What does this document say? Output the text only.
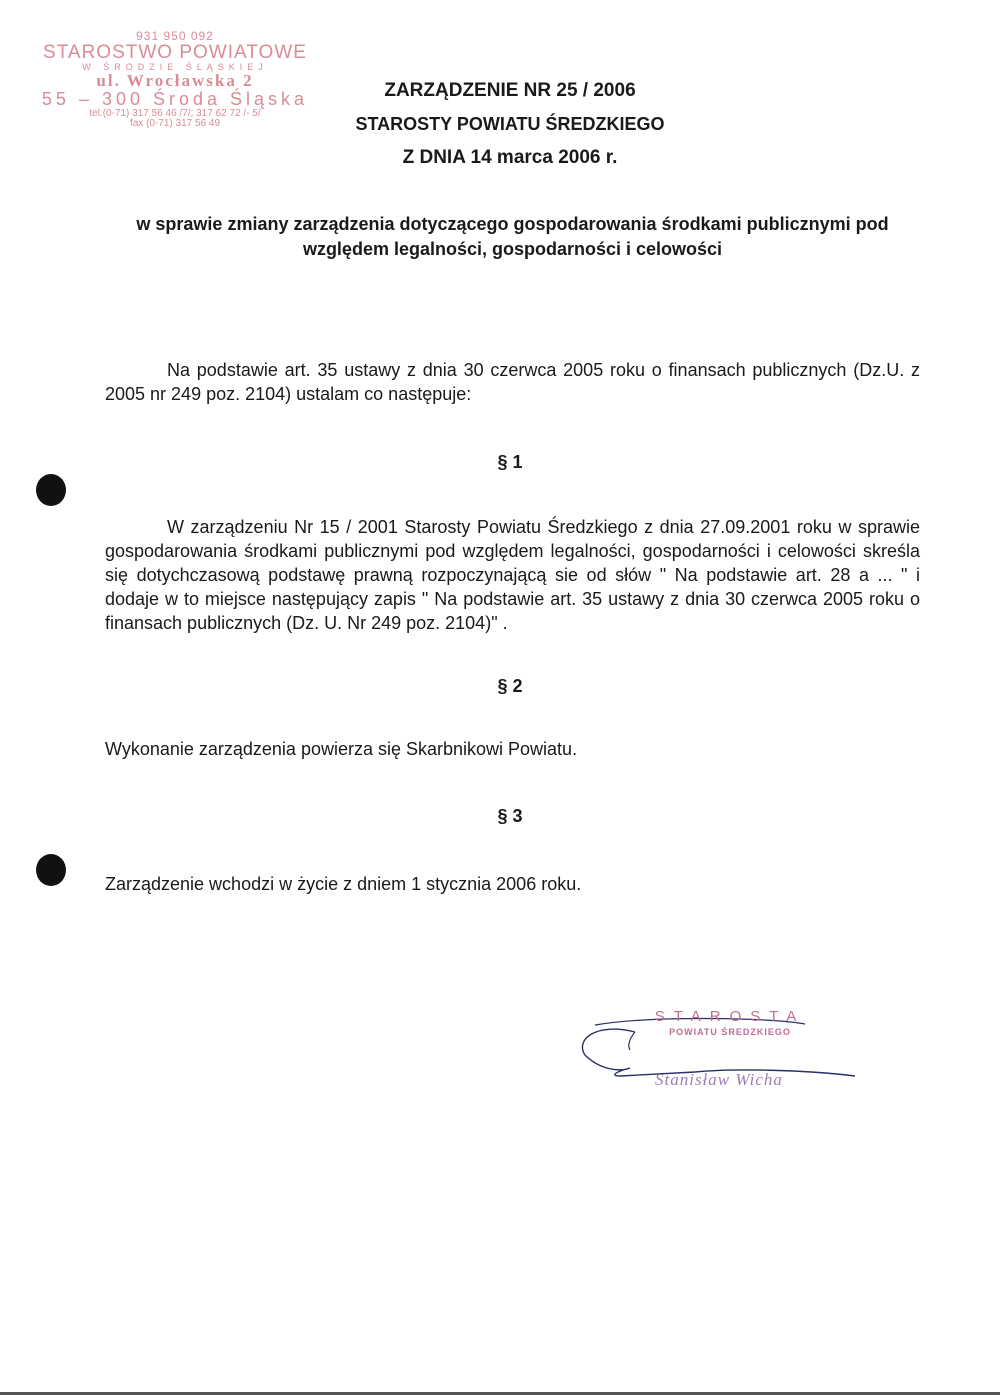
931 950 092
STAROSTWO POWIATOWE
W ŚRODZIE ŚLĄSKIEJ
ul. Wrocławska 2
55 – 300 Środa Śląska
tel.(0-71) 317 56 46 /7/; 317 62 72 /- 5/
fax (0-71) 317 56 49
ZARZĄDZENIE NR 25 / 2006
STAROSTY POWIATU ŚREDZKIEGO
Z DNIA 14 marca 2006 r.
w sprawie zmiany zarządzenia dotyczącego gospodarowania środkami publicznymi pod względem legalności, gospodarności i celowości
Na podstawie art. 35 ustawy z dnia 30 czerwca 2005 roku o finansach publicznych (Dz.U. z 2005 nr 249 poz. 2104) ustalam co następuje:
§ 1
W zarządzeniu Nr 15 / 2001 Starosty Powiatu Średzkiego z dnia 27.09.2001 roku w sprawie gospodarowania środkami publicznymi pod względem legalności, gospodarności i celowości skreśla się dotychczasową podstawę prawną rozpoczynającą sie od słów " Na podstawie art. 28 a ... " i dodaje w to miejsce następujący zapis " Na podstawie art. 35 ustawy z dnia 30 czerwca 2005 roku o finansach publicznych (Dz. U. Nr 249 poz. 2104)" .
§ 2
Wykonanie zarządzenia powierza się Skarbnikowi Powiatu.
§ 3
Zarządzenie wchodzi w życie z dniem 1 stycznia 2006 roku.
STAROSTA
POWIATU ŚREDZKIEGO
Stanisław Wicha
